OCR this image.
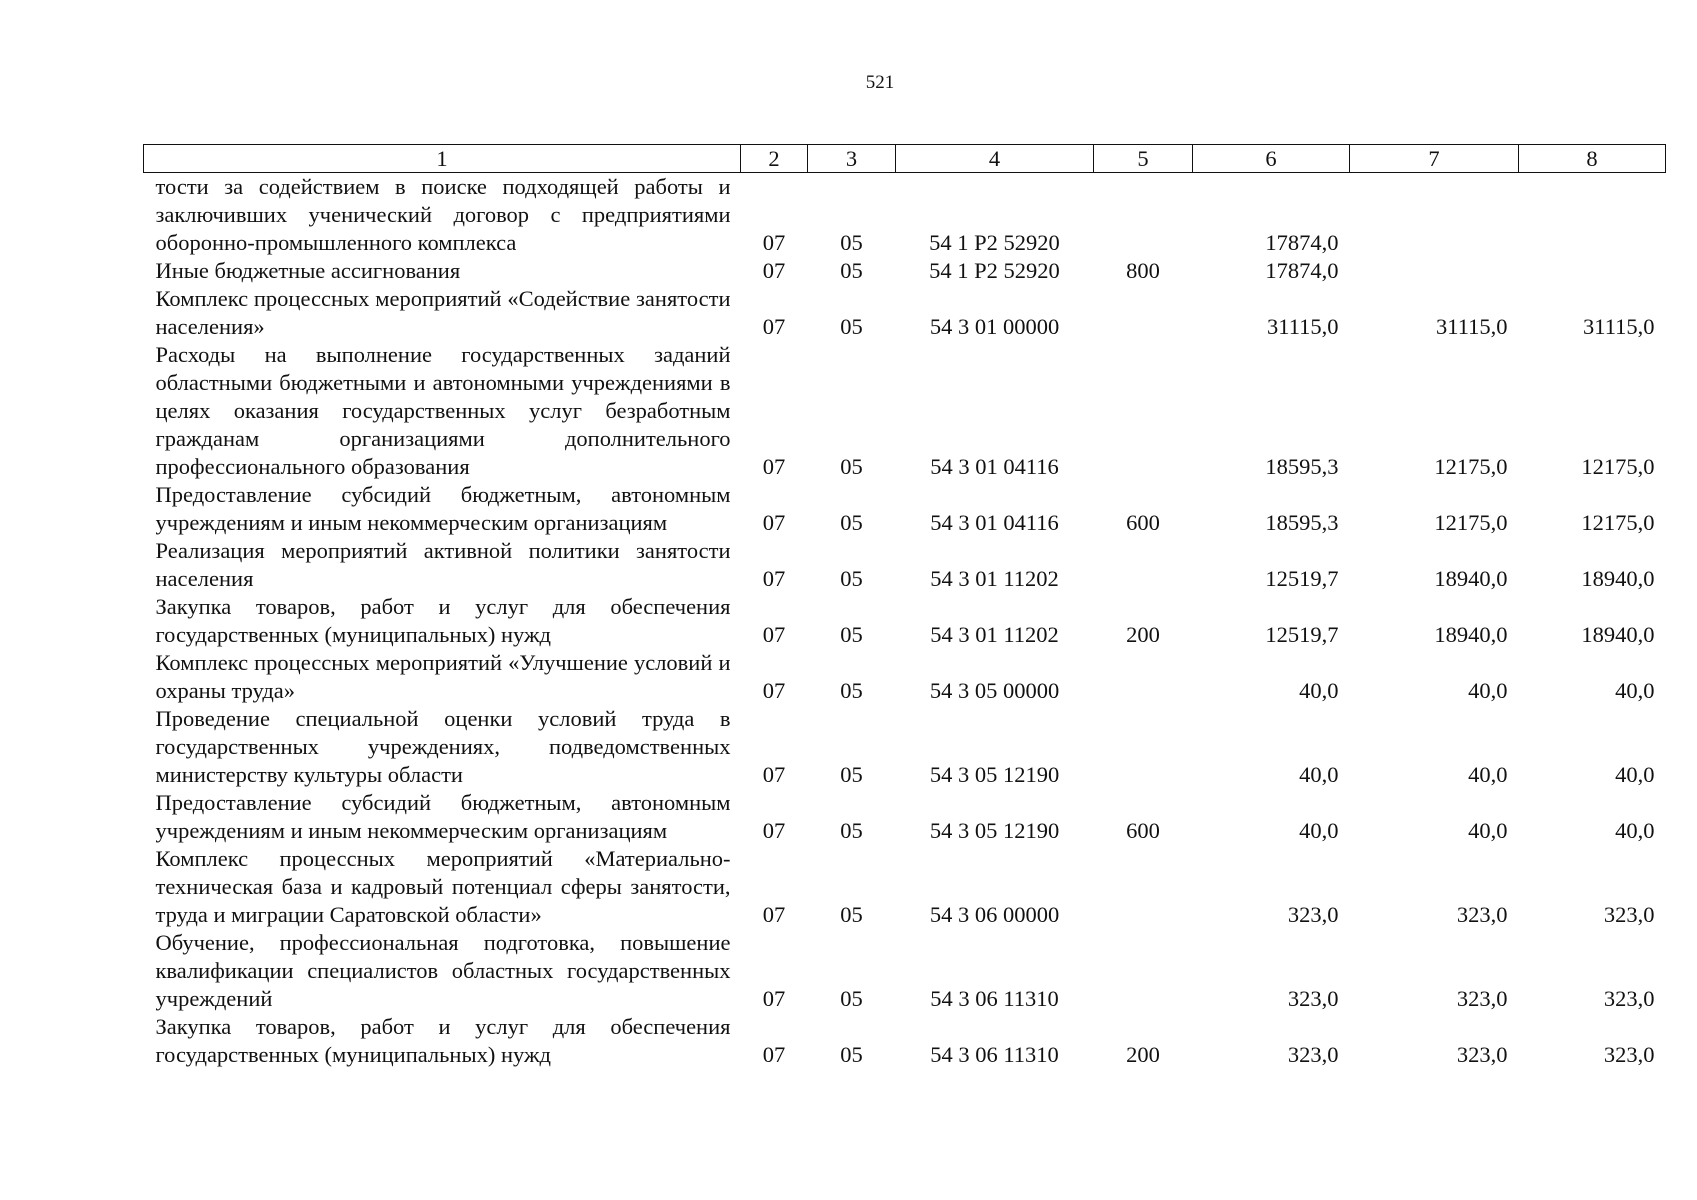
521
1	2	3	4	5	6	7	8
тости за содействием в поиске подходящей работы и заключивших ученический договор с предприятиями оборонно-промышленного комплекса	07	05	54 1 Р2 52920		17874,0		
Иные бюджетные ассигнования	07	05	54 1 Р2 52920	800	17874,0		
Комплекс процессных мероприятий «Содействие занятости населения»	07	05	54 3 01 00000		31115,0	31115,0	31115,0
Расходы на выполнение государственных заданий областными бюджетными и автономными учреждениями в целях оказания государственных услуг безработным гражданам организациями дополнительного профессионального образования	07	05	54 3 01 04116		18595,3	12175,0	12175,0
Предоставление субсидий бюджетным, автономным учреждениям и иным некоммерческим организациям	07	05	54 3 01 04116	600	18595,3	12175,0	12175,0
Реализация мероприятий активной политики занятости населения	07	05	54 3 01 11202		12519,7	18940,0	18940,0
Закупка товаров, работ и услуг для обеспечения государственных (муниципальных) нужд	07	05	54 3 01 11202	200	12519,7	18940,0	18940,0
Комплекс процессных мероприятий «Улучшение условий и охраны труда»	07	05	54 3 05 00000		40,0	40,0	40,0
Проведение специальной оценки условий труда в государственных учреждениях, подведомственных министерству культуры области	07	05	54 3 05 12190		40,0	40,0	40,0
Предоставление субсидий бюджетным, автономным учреждениям и иным некоммерческим организациям	07	05	54 3 05 12190	600	40,0	40,0	40,0
Комплекс процессных мероприятий «Материально-техническая база и кадровый потенциал сферы занятости, труда и миграции Саратовской области»	07	05	54 3 06 00000		323,0	323,0	323,0
Обучение, профессиональная подготовка, повышение квалификации специалистов областных государственных учреждений	07	05	54 3 06 11310		323,0	323,0	323,0
Закупка товаров, работ и услуг для обеспечения государственных (муниципальных) нужд	07	05	54 3 06 11310	200	323,0	323,0	323,0
